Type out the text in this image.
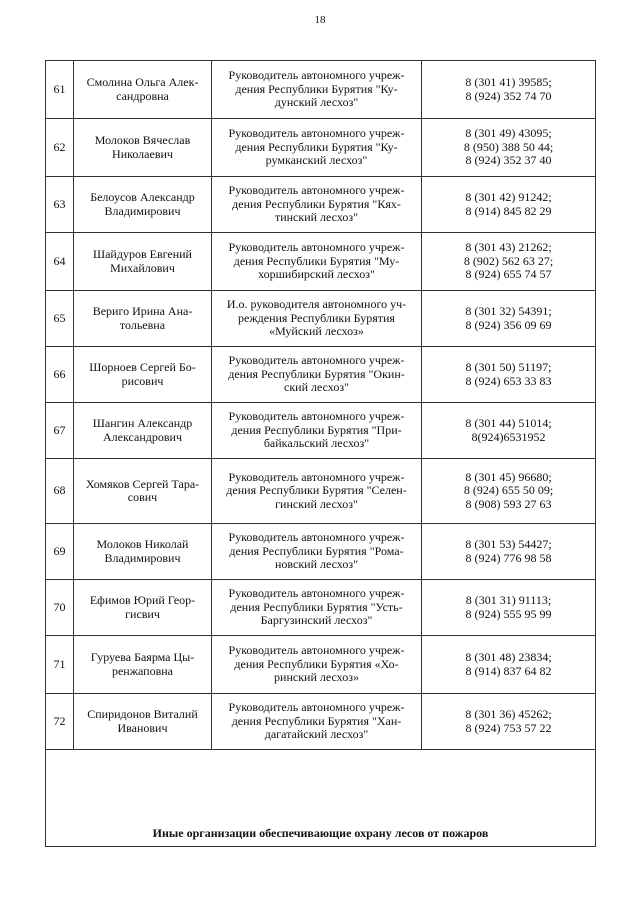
18
61	Смолина Ольга Алек-
сандровна	Руководитель автономного учреж-
дения Республики Бурятия "Ку-
дунский лесхоз"	8 (301 41) 39585;
8 (924) 352 74 70
62	Молоков Вячеслав
Николаевич	Руководитель автономного учреж-
дения Республики Бурятия "Ку-
румканский лесхоз"	8 (301 49) 43095;
8 (950) 388 50 44;
8 (924) 352 37 40
63	Белоусов Александр
Владимирович	Руководитель автономного учреж-
дения Республики Бурятия "Кях-
тинский лесхоз"	8 (301 42) 91242;
8 (914) 845 82 29
64	Шайдуров Евгений
Михайлович	Руководитель автономного учреж-
дения Республики Бурятия "Му-
хоршибирский лесхоз"	8 (301 43) 21262;
8 (902) 562 63 27;
8 (924) 655 74 57
65	Вериго Ирина Ана-
тольевна	И.о. руководителя автономного уч-
реждения Республики Бурятия
«Муйский лесхоз»	8 (301 32) 54391;
8 (924) 356 09 69
66	Шорноев Сергей Бо-
рисович	Руководитель автономного учреж-
дения Республики Бурятия "Окин-
ский лесхоз"	8 (301 50) 51197;
8 (924) 653 33 83
67	Шангин Александр
Александрович	Руководитель автономного учреж-
дения Республики Бурятия "При-
байкальский лесхоз"	8 (301 44) 51014;
8(924)6531952
68	Хомяков Сергей Тара-
сович	Руководитель автономного учреж-
дения Республики Бурятия "Селен-
гинский лесхоз"	8 (301 45) 96680;
8 (924) 655 50 09;
8 (908) 593 27 63
69	Молоков Николай
Владимирович	Руководитель автономного учреж-
дения Республики Бурятия "Рома-
новский лесхоз"	8 (301 53) 54427;
8 (924) 776 98 58
70	Ефимов Юрий Геор-
гисвич	Руководитель автономного учреж-
дения Республики Бурятия "Усть-
Баргузинский лесхоз"	8 (301 31) 91113;
8 (924) 555 95 99
71	Гуруева Баярма Цы-
ренжаповна	Руководитель автономного учреж-
дения Республики Бурятия «Хо-
ринский лесхоз»	8 (301 48) 23834;
8 (914) 837 64 82
72	Спиридонов Виталий
Иванович	Руководитель автономного учреж-
дения Республики Бурятия "Хан-
дагатайский лесхоз"	8 (301 36) 45262;
8 (924) 753 57 22
Иные организации обеспечивающие охрану лесов от пожаров			
